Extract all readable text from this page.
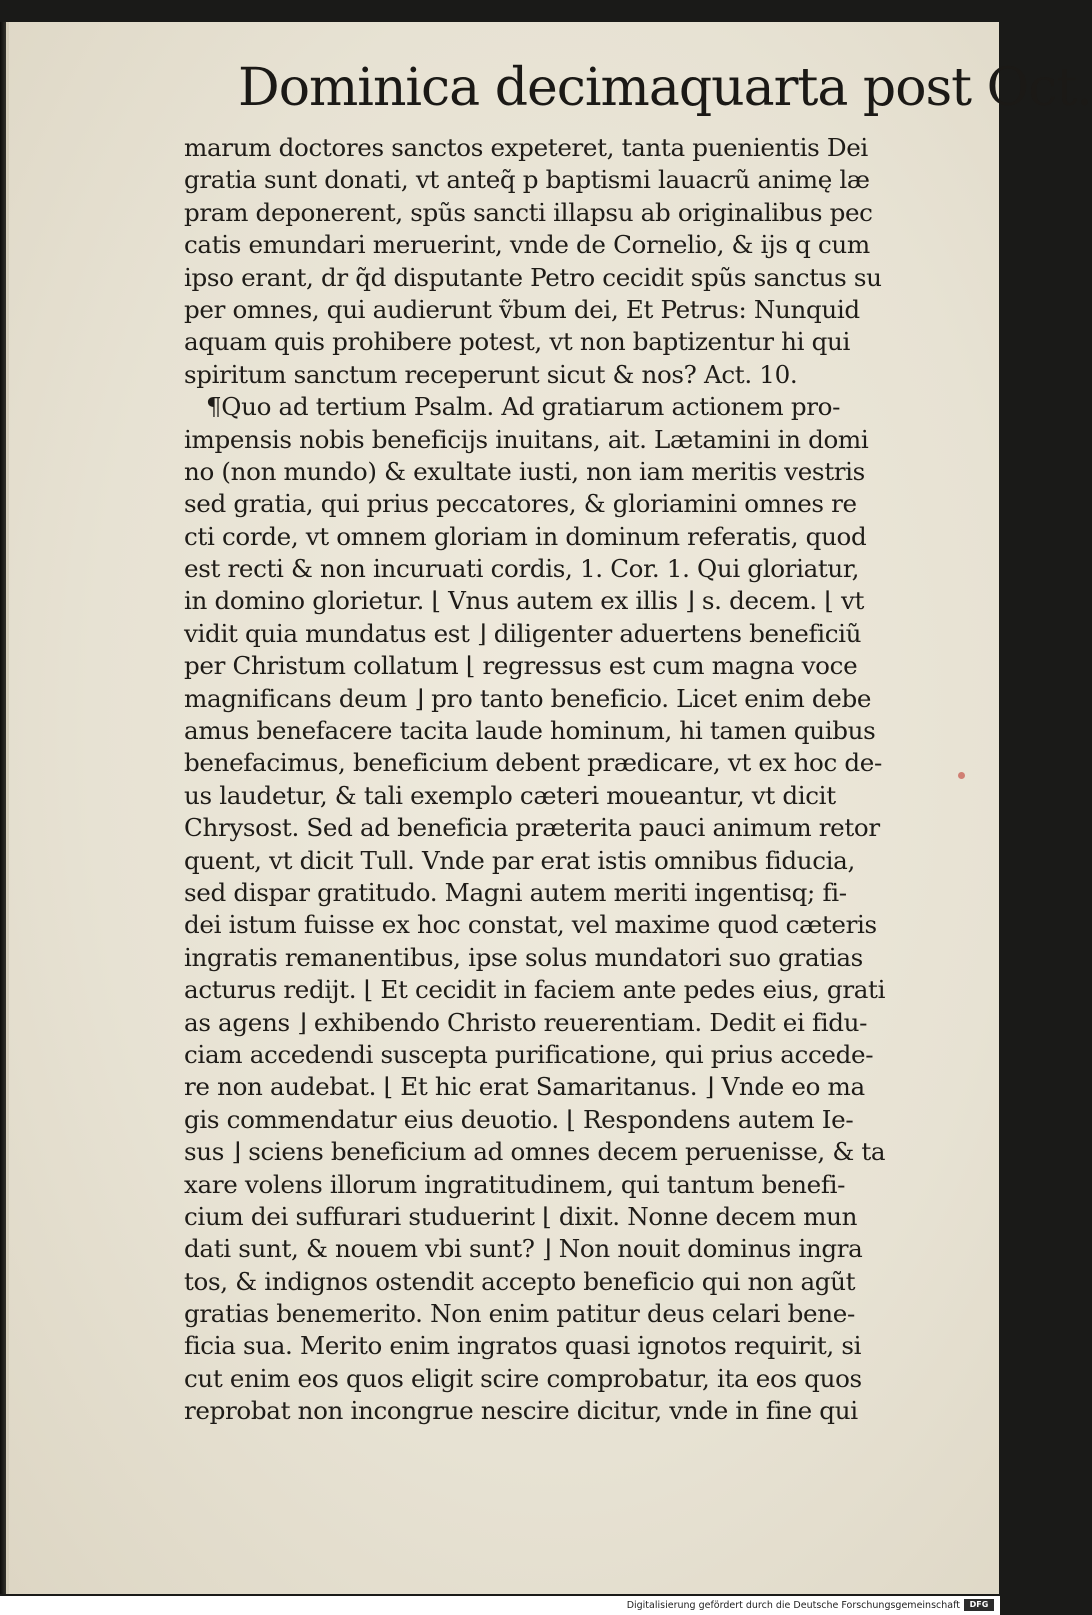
Dominica decimaquarta post Oct.
marum doctores sanctos expeteret, tanta puenientis Dei
gratia sunt donati, vt anteq̃ p baptismi lauacrũ animę læ
pram deponerent, spũs sancti illapsu ab originalibus pec
catis emundari meruerint, vnde de Cornelio, & ijs q cum
ipso erant, dr q̃d disputante Petro cecidit spũs sanctus su
per omnes, qui audierunt ṽbum dei, Et Petrus: Nunquid
aquam quis prohibere potest, vt non baptizentur hi qui
spiritum sanctum receperunt sicut & nos? Act. 10.
¶Quo ad tertium Psalm. Ad gratiarum actionem pro-
impensis nobis beneficijs inuitans, ait. Lætamini in domi
no (non mundo) & exultate iusti, non iam meritis vestris
sed gratia, qui prius peccatores, & gloriamini omnes re
cti corde, vt omnem gloriam in dominum referatis, quod
est recti & non incuruati cordis, 1. Cor. 1. Qui gloriatur,
in domino glorietur. ⌊ Vnus autem ex illis ⌋ s. decem. ⌊ vt
vidit quia mundatus est ⌋ diligenter aduertens beneficiũ
per Christum collatum ⌊ regressus est cum magna voce
magnificans deum ⌋ pro tanto beneficio. Licet enim debe
amus benefacere tacita laude hominum, hi tamen quibus
benefacimus, beneficium debent prædicare, vt ex hoc de-
us laudetur, & tali exemplo cæteri moueantur, vt dicit
Chrysost. Sed ad beneficia præterita pauci animum retor
quent, vt dicit Tull. Vnde par erat istis omnibus fiducia,
sed dispar gratitudo. Magni autem meriti ingentisq; fi-
dei istum fuisse ex hoc constat, vel maxime quod cæteris
ingratis remanentibus, ipse solus mundatori suo gratias
acturus redijt. ⌊ Et cecidit in faciem ante pedes eius, grati
as agens ⌋ exhibendo Christo reuerentiam. Dedit ei fidu-
ciam accedendi suscepta purificatione, qui prius accede-
re non audebat. ⌊ Et hic erat Samaritanus. ⌋ Vnde eo ma
gis commendatur eius deuotio. ⌊ Respondens autem Ie-
sus ⌋ sciens beneficium ad omnes decem peruenisse, & ta
xare volens illorum ingratitudinem, qui tantum benefi-
cium dei suffurari studuerint ⌊ dixit. Nonne decem mun
dati sunt, & nouem vbi sunt? ⌋ Non nouit dominus ingra
tos, & indignos ostendit accepto beneficio qui non agũt
gratias benemerito. Non enim patitur deus celari bene-
ficia sua. Merito enim ingratos quasi ignotos requirit, si
cut enim eos quos eligit scire comprobatur, ita eos quos
reprobat non incongrue nescire dicitur, vnde in fine qui
Digitalisierung gefördert durch die Deutsche Forschungsgemeinschaft	DFG
